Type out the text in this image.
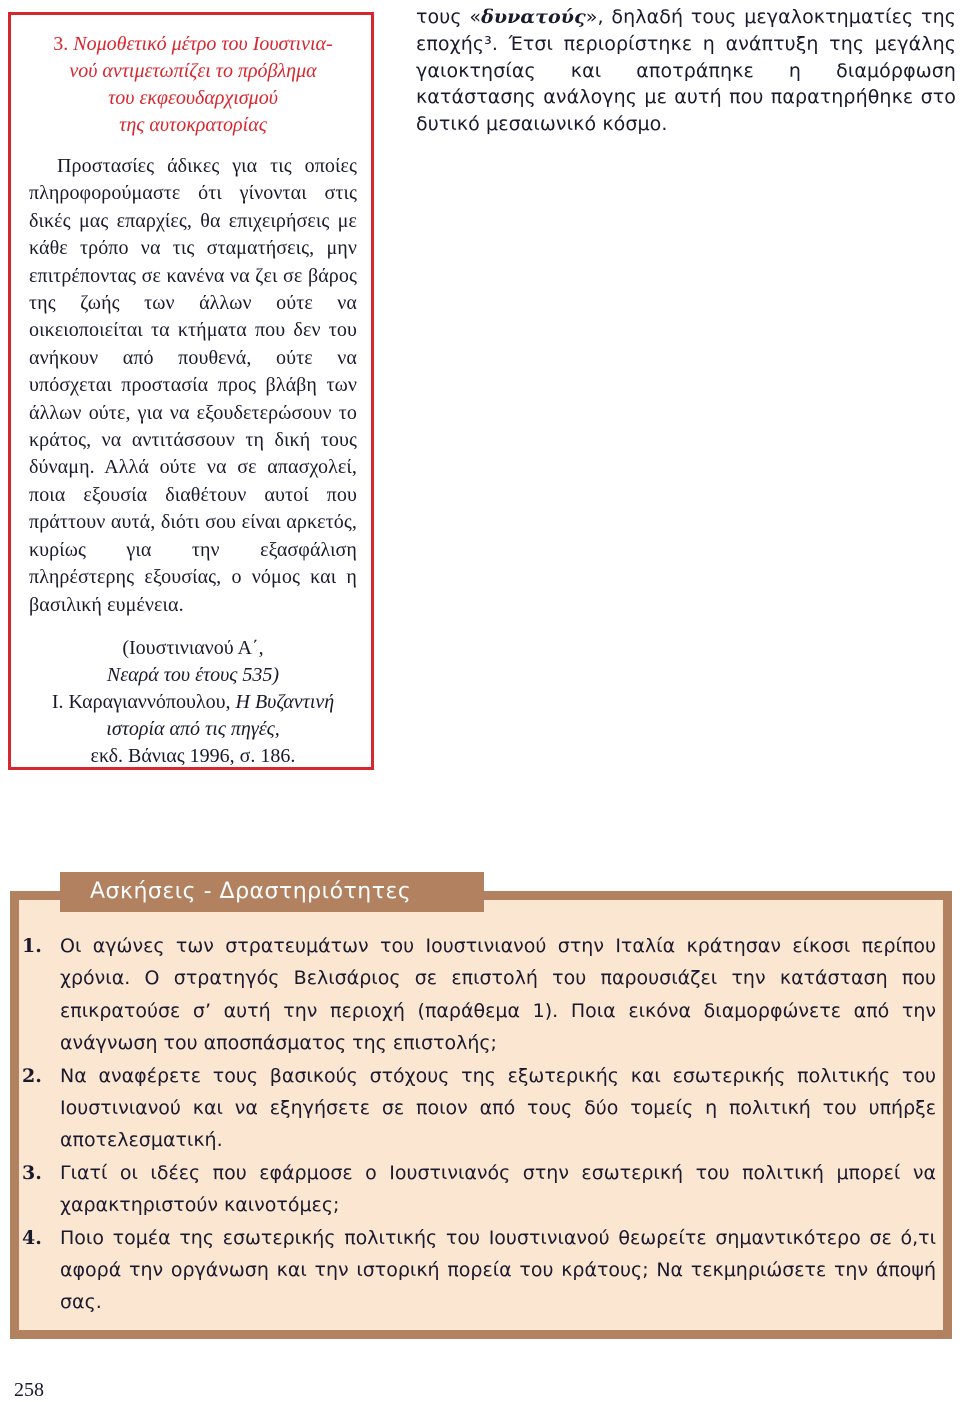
3. Νομοθετικό μέτρο του Ιουστινια-
νού αντιμετωπίζει το πρόβλημα
του εκφεουδαρχισμού
της αυτοκρατορίας

Προστασίες άδικες για τις οποίες πληροφορούμαστε ότι γίνονται στις δικές μας επαρχίες, θα επιχειρήσεις με κάθε τρόπο να τις σταματήσεις, μην επιτρέποντας σε κανένα να ζει σε βάρος της ζωής των άλλων ούτε να οικειοποιείται τα κτήματα που δεν του ανήκουν από πουθενά, ούτε να υπόσχεται προστασία προς βλάβη των άλλων ούτε, για να εξουδετερώσουν το κράτος, να αντιτάσσουν τη δική τους δύναμη. Αλλά ούτε να σε απασχολεί, ποια εξουσία διαθέτουν αυτοί που πράττουν αυτά, διότι σου είναι αρκετός, κυρίως για την εξασφάλιση πληρέστερης εξουσίας, ο νόμος και η βασιλική ευμένεια.

(Ιουστινιανού Α΄,
Νεαρά του έτους 535)
Ι. Καραγιαννόπουλου, Η Βυζαντινή
ιστορία από τις πηγές,
εκδ. Βάνιας 1996, σ. 186.
τους «δυνατούς», δηλαδή τους μεγαλοκτηματίες της εποχής³. Έτσι περιορίστηκε η ανάπτυξη της μεγάλης γαιοκτησίας και αποτράπηκε η διαμόρφωση κατάστασης ανάλογης με αυτή που παρατηρήθηκε στο δυτικό μεσαιωνικό κόσμο.
Ασκήσεις - Δραστηριότητες
1. Οι αγώνες των στρατευμάτων του Ιουστινιανού στην Ιταλία κράτησαν είκοσι περίπου χρόνια. Ο στρατηγός Βελισάριος σε επιστολή του παρουσιάζει την κατάσταση που επικρατούσε σ’ αυτή την περιοχή (παράθεμα 1). Ποια εικόνα διαμορφώνετε από την ανάγνωση του αποσπάσματος της επιστολής;
2. Να αναφέρετε τους βασικούς στόχους της εξωτερικής και εσωτερικής πολιτικής του Ιουστινιανού και να εξηγήσετε σε ποιον από τους δύο τομείς η πολιτική του υπήρξε αποτελεσματική.
3. Γιατί οι ιδέες που εφάρμοσε ο Ιουστινιανός στην εσωτερική του πολιτική μπορεί να χαρακτηριστούν καινοτόμες;
4. Ποιο τομέα της εσωτερικής πολιτικής του Ιουστινιανού θεωρείτε σημαντικότερο σε ό,τι αφορά την οργάνωση και την ιστορική πορεία του κράτους; Να τεκμηριώσετε την άποψή σας.
258
